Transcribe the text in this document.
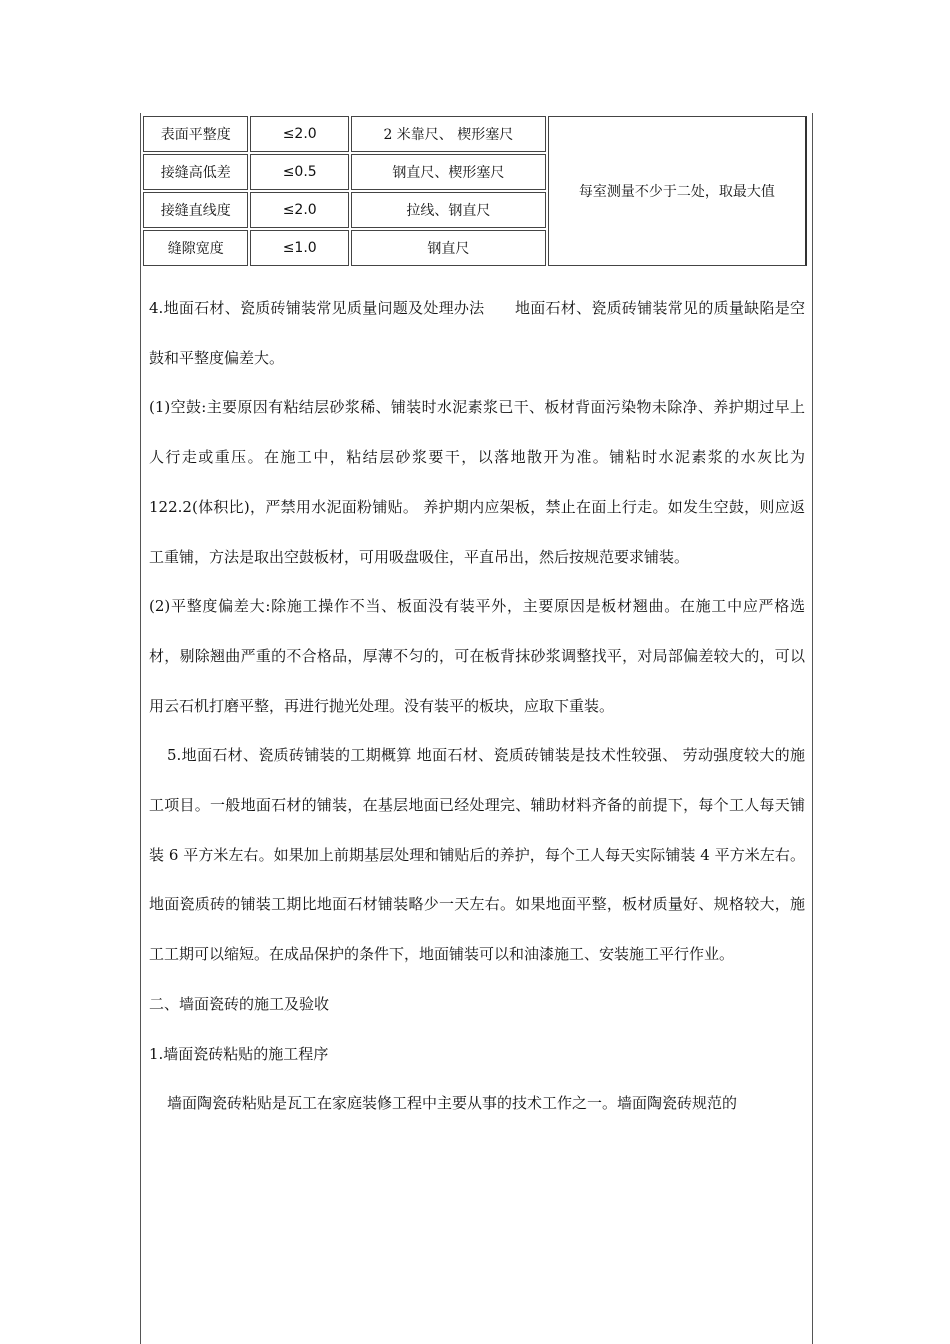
表面平整度	≤2.0	2 米靠尺、 楔形塞尺	每室测量不少于二处，取最大值
接缝高低差	≤0.5	钢直尺、楔形塞尺	
接缝直线度	≤2.0	拉线、钢直尺	
缝隙宽度	≤1.0	钢直尺	

4.地面石材、瓷质砖铺装常见质量问题及处理办法　　地面石材、瓷质砖铺装常见的质量缺陷是空鼓和平整度偏差大。

(1)空鼓:主要原因有粘结层砂浆稀、铺装时水泥素浆已干、板材背面污染物未除净、养护期过早上人行走或重压。在施工中，粘结层砂浆要干，以落地散开为准。铺粘时水泥素浆的水灰比为 122.2(体积比)，严禁用水泥面粉铺贴。 养护期内应架板，禁止在面上行走。如发生空鼓，则应返工重铺，方法是取出空鼓板材，可用吸盘吸住，平直吊出，然后按规范要求铺装。

(2)平整度偏差大:除施工操作不当、板面没有装平外，主要原因是板材翘曲。在施工中应严格选材，剔除翘曲严重的不合格品，厚薄不匀的，可在板背抹砂浆调整找平，对局部偏差较大的，可以用云石机打磨平整，再进行抛光处理。没有装平的板块，应取下重装。

5.地面石材、瓷质砖铺装的工期概算 地面石材、瓷质砖铺装是技术性较强、 劳动强度较大的施工项目。一般地面石材的铺装，在基层地面已经处理完、辅助材料齐备的前提下，每个工人每天铺装 6 平方米左右。如果加上前期基层处理和铺贴后的养护，每个工人每天实际铺装 4 平方米左右。地面瓷质砖的铺装工期比地面石材铺装略少一天左右。如果地面平整，板材质量好、规格较大，施工工期可以缩短。在成品保护的条件下，地面铺装可以和油漆施工、安装施工平行作业。

二、墙面瓷砖的施工及验收

1.墙面瓷砖粘贴的施工程序

墙面陶瓷砖粘贴是瓦工在家庭装修工程中主要从事的技术工作之一。墙面陶瓷砖规范的
